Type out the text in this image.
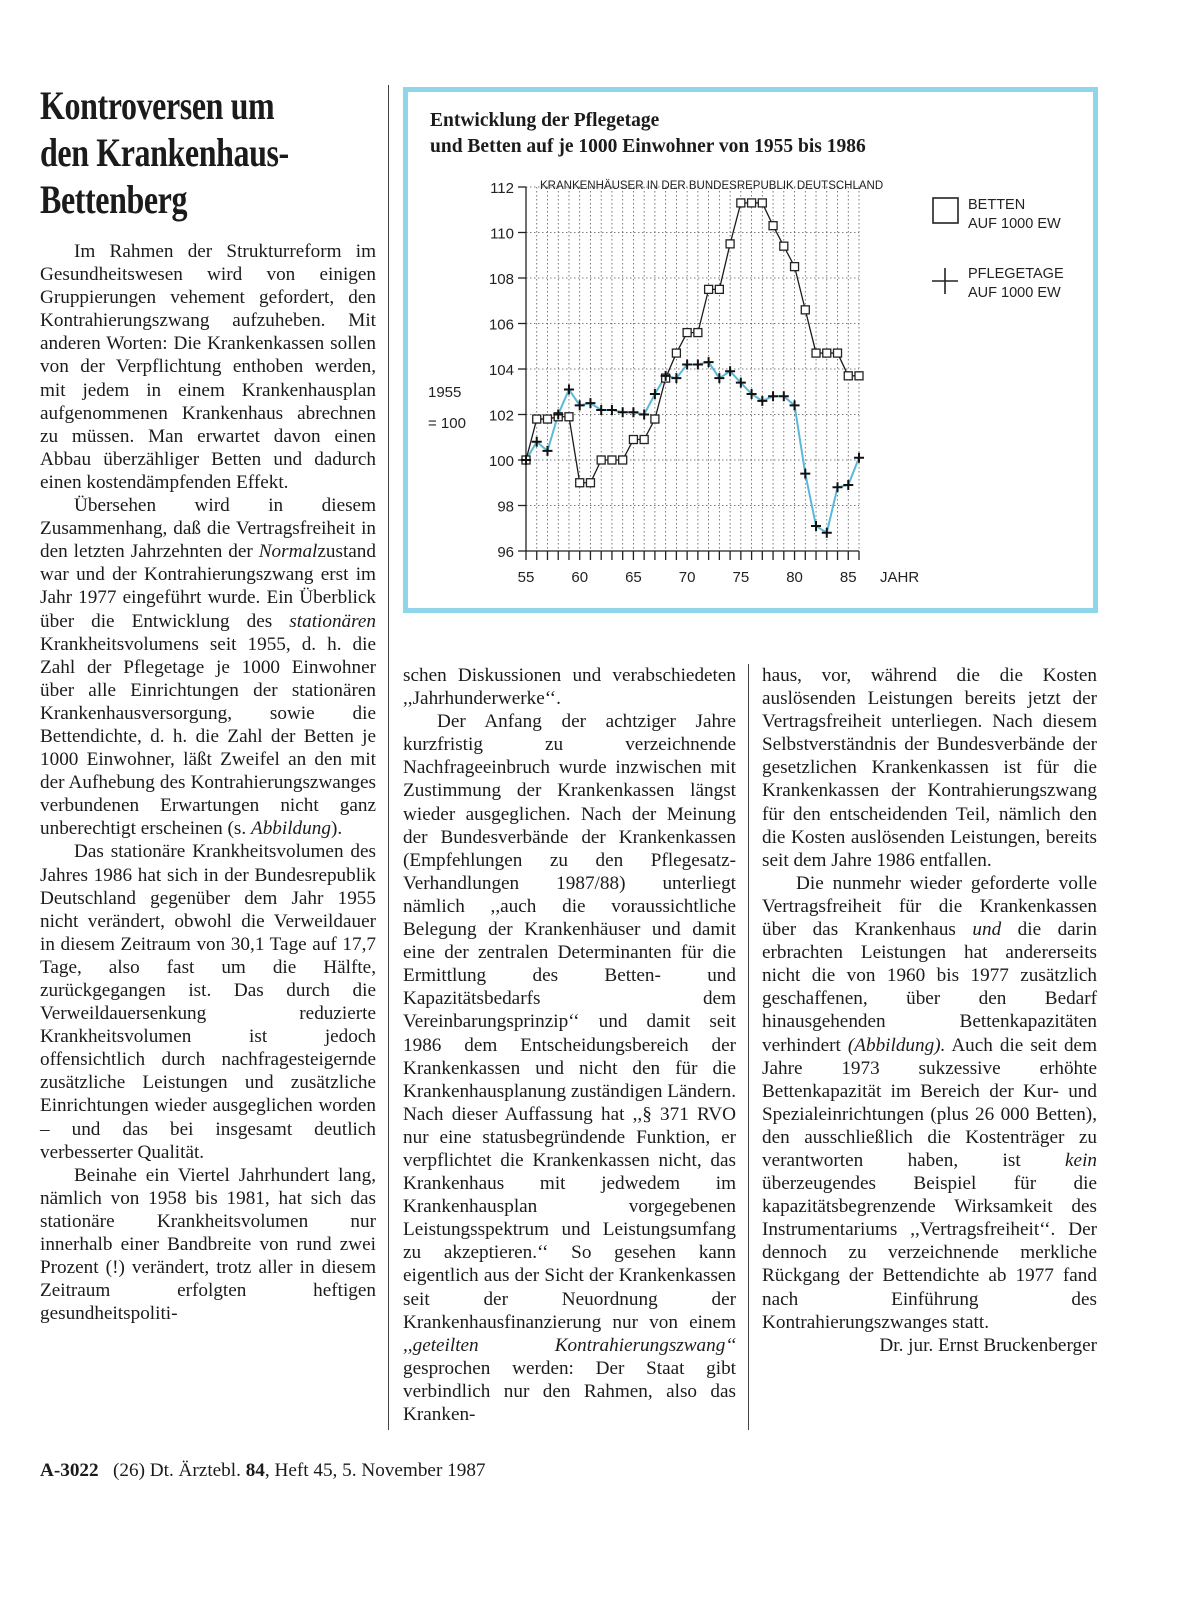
Kontroversen um
den Krankenhaus-
Bettenberg

Im Rahmen der Strukturreform im Gesundheitswesen wird von einigen Gruppierungen vehement gefordert, den Kontrahierungszwang aufzuheben. Mit anderen Worten: Die Krankenkassen sollen von der Verpflichtung enthoben werden, mit jedem in einem Krankenhausplan aufgenommenen Krankenhaus abrechnen zu müssen. Man erwartet davon einen Abbau überzähliger Betten und dadurch einen kostendämpfenden Effekt.

Übersehen wird in diesem Zusammenhang, daß die Vertragsfreiheit in den letzten Jahrzehnten der Normalzustand war und der Kontrahierungszwang erst im Jahr 1977 eingeführt wurde. Ein Überblick über die Entwicklung des stationären Krankheitsvolumens seit 1955, d. h. die Zahl der Pflegetage je 1000 Einwohner über alle Einrichtungen der stationären Krankenhausversorgung, sowie die Bettendichte, d. h. die Zahl der Betten je 1000 Einwohner, läßt Zweifel an den mit der Aufhebung des Kontrahierungszwanges verbundenen Erwartungen nicht ganz unberechtigt erscheinen (s. Abbildung).

Das stationäre Krankheitsvolumen des Jahres 1986 hat sich in der Bundesrepublik Deutschland gegenüber dem Jahr 1955 nicht verändert, obwohl die Verweildauer in diesem Zeitraum von 30,1 Tage auf 17,7 Tage, also fast um die Hälfte, zurückgegangen ist. Das durch die Verweildauersenkung reduzierte Krankheitsvolumen ist jedoch offensichtlich durch nachfragesteigernde zusätzliche Leistungen und zusätzliche Einrichtungen wieder ausgeglichen worden – und das bei insgesamt deutlich verbesserter Qualität.

Beinahe ein Viertel Jahrhundert lang, nämlich von 1958 bis 1981, hat sich das stationäre Krankheitsvolumen nur innerhalb einer Bandbreite von rund zwei Prozent (!) verändert, trotz aller in diesem Zeitraum erfolgten heftigen gesundheitspoliti-

schen Diskussionen und verabschiedeten ,,Jahrhunderwerke‘‘.

Der Anfang der achtziger Jahre kurzfristig zu verzeichnende Nachfrageeinbruch wurde inzwischen mit Zustimmung der Krankenkassen längst wieder ausgeglichen. Nach der Meinung der Bundesverbände der Krankenkassen (Empfehlungen zu den Pflegesatz-Verhandlungen 1987/88) unterliegt nämlich ,,auch die voraussichtliche Belegung der Krankenhäuser und damit eine der zentralen Determinanten für die Ermittlung des Betten- und Kapazitätsbedarfs dem Vereinbarungsprinzip‘‘ und damit seit 1986 dem Entscheidungsbereich der Krankenkassen und nicht den für die Krankenhausplanung zuständigen Ländern. Nach dieser Auffassung hat ,,§ 371 RVO nur eine statusbegründende Funktion, er verpflichtet die Krankenkassen nicht, das Krankenhaus mit jedwedem im Krankenhausplan vorgegebenen Leistungsspektrum und Leistungsumfang zu akzeptieren.‘‘ So gesehen kann eigentlich aus der Sicht der Krankenkassen seit der Neuordnung der Krankenhausfinanzierung nur von einem ,,geteilten Kontrahierungszwang‘‘ gesprochen werden: Der Staat gibt verbindlich nur den Rahmen, also das Kranken-

haus, vor, während die die Kosten auslösenden Leistungen bereits jetzt der Vertragsfreiheit unterliegen. Nach diesem Selbstverständnis der Bundesverbände der gesetzlichen Krankenkassen ist für die Krankenkassen der Kontrahierungszwang für den entscheidenden Teil, nämlich den die Kosten auslösenden Leistungen, bereits seit dem Jahre 1986 entfallen.

Die nunmehr wieder geforderte volle Vertragsfreiheit für die Krankenkassen über das Krankenhaus und die darin erbrachten Leistungen hat andererseits nicht die von 1960 bis 1977 zusätzlich geschaffenen, über den Bedarf hinausgehenden Bettenkapazitäten verhindert (Abbildung). Auch die seit dem Jahre 1973 sukzessive erhöhte Bettenkapazität im Bereich der Kur- und Spezialeinrichtungen (plus 26 000 Betten), den ausschließlich die Kostenträger zu verantworten haben, ist kein überzeugendes Beispiel für die kapazitätsbegrenzende Wirksamkeit des Instrumentariums ,,Vertragsfreiheit‘‘. Der dennoch zu verzeichnende merkliche Rückgang der Bettendichte ab 1977 fand nach Einführung des Kontrahierungszwanges statt.

Dr. jur. Ernst Bruckenberger

Entwicklung der Pflegetage
und Betten auf je 1000 Einwohner von 1955 bis 1986
96
98
100
102
104
106
108
110
112
55 60 65 70 75 80 85 JAHR
1955
= 100
KRANKENHÄUSER IN DER BUNDESREPUBLIK DEUTSCHLAND
BETTEN
AUF 1000 EW
PFLEGETAGE
AUF 1000 EW
A-3022 (26) Dt. Ärztebl. 84, Heft 45, 5. November 1987
